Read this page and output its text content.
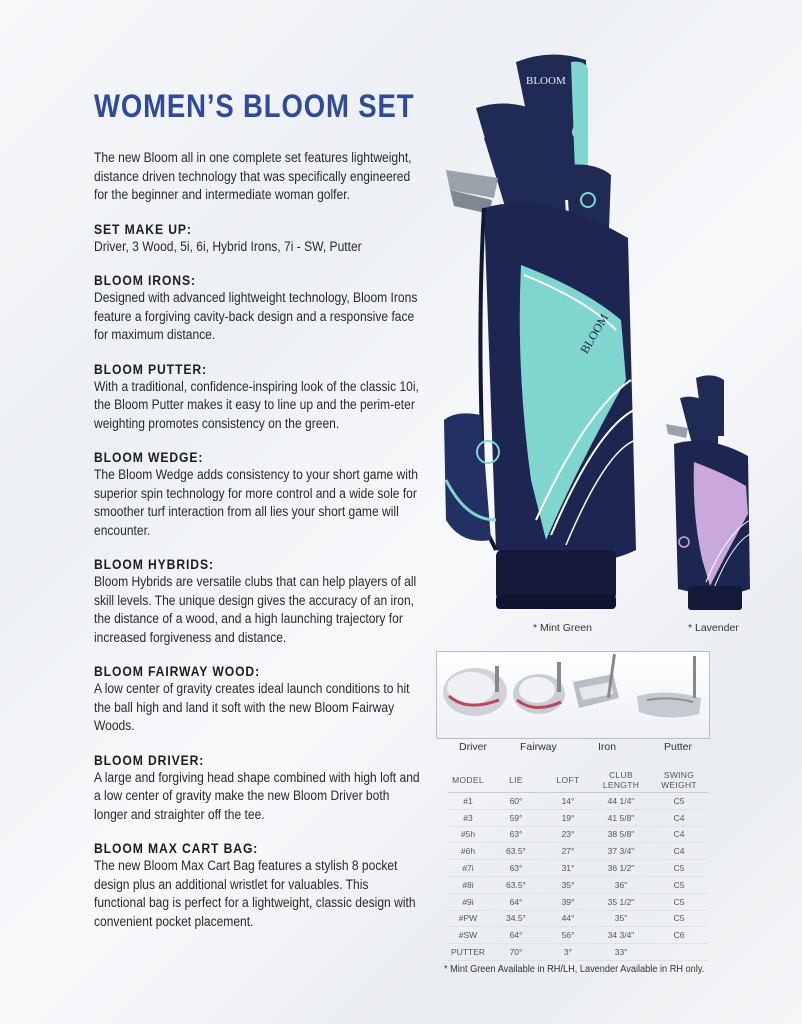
WOMEN’S BLOOM SET

The new Bloom all in one complete set features lightweight, distance driven technology that was specifically engineered for the beginner and intermediate woman golfer.

SET MAKE UP:

Driver, 3 Wood, 5i, 6i, Hybrid Irons, 7i - SW, Putter

BLOOM IRONS:

Designed with advanced lightweight technology, Bloom Irons feature a forgiving cavity-back design and a responsive face for maximum distance.

BLOOM PUTTER:

With a traditional, confidence-inspiring look of the classic 10i, the Bloom Putter makes it easy to line up and the perim-eter weighting promotes consistency on the green.

BLOOM WEDGE:

The Bloom Wedge adds consistency to your short game with superior spin technology for more control and a wide sole for smoother turf interaction from all lies your short game will encounter.

BLOOM HYBRIDS:

Bloom Hybrids are versatile clubs that can help players of all skill levels. The unique design gives the accuracy of an iron, the distance of a wood, and a high launching trajectory for increased forgiveness and distance.

BLOOM FAIRWAY WOOD:

A low center of gravity creates ideal launch conditions to hit the ball high and land it soft with the new Bloom Fairway Woods.

BLOOM DRIVER:

A large and forgiving head shape combined with high loft and a low center of gravity make the new Bloom Driver both longer and straighter off the tee.

BLOOM MAX CART BAG:

The new Bloom Max Cart Bag features a stylish 8 pocket design plus an additional wristlet for valuables. This functional bag is perfect for a lightweight, classic design with convenient pocket placement.

BLOOM
BLOOM
* Mint Green	* Lavender
Driver	Fairway	Iron	Putter
MODEL	LIE	LOFT	CLUB LENGTH	SWING WEIGHT
#1	60°	14°	44 1/4"	C5
#3	59°	19°	41 5/8"	C4
#5h	63°	23°	38 5/8"	C4
#6h	63.5°	27°	37 3/4"	C4
#7i	63°	31°	36 1/2"	C5
#8i	63.5°	35°	36"	C5
#9i	64°	39°	35 1/2"	C5
#PW	34.5°	44°	35"	C5
#SW	64°	56°	34 3/4"	C6
PUTTER	70°	3°	33"	
* Mint Green Available in RH/LH, Lavender Available in RH only.
